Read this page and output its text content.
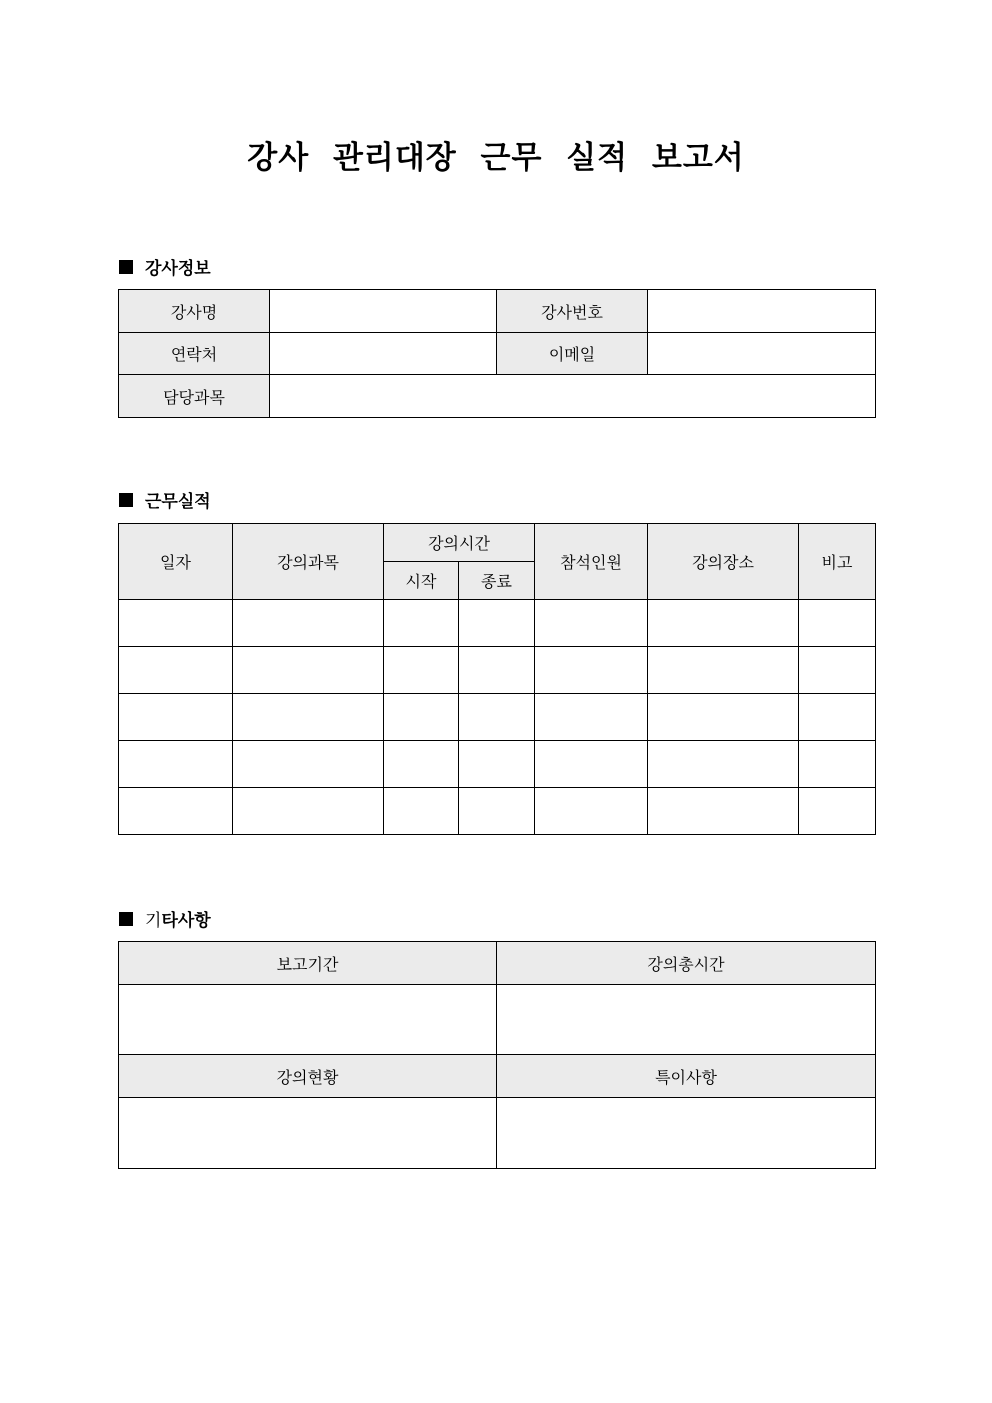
강사 관리대장 근무 실적 보고서
강사정보
강사명		강사번호	
연락처		이메일	
담당과목			
근무실적
일자	강의과목	강의시간		참석인원	강의장소	비고
		시작	종료			

기 타사항
보고기간	강의총시간

강의현황	특이사항
